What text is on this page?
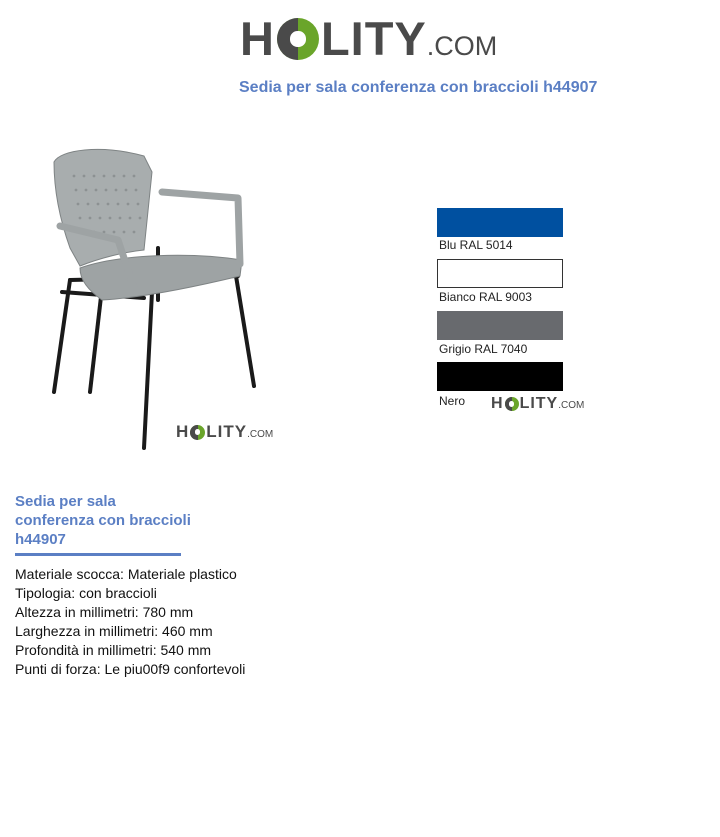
H LITY .COM
Sedia per sala conferenza con braccioli h44907
H LITY .COM
Blu RAL 5014
Bianco RAL 9003
Grigio RAL 7040
Nero H LITY .COM
Sedia per sala
conferenza con braccioli
h44907
Materiale scocca: Materiale plastico
Tipologia: con braccioli
Altezza in millimetri: 780 mm
Larghezza in millimetri: 460 mm
Profondità in millimetri: 540 mm
Punti di forza: Le piu00f9 confortevoli
